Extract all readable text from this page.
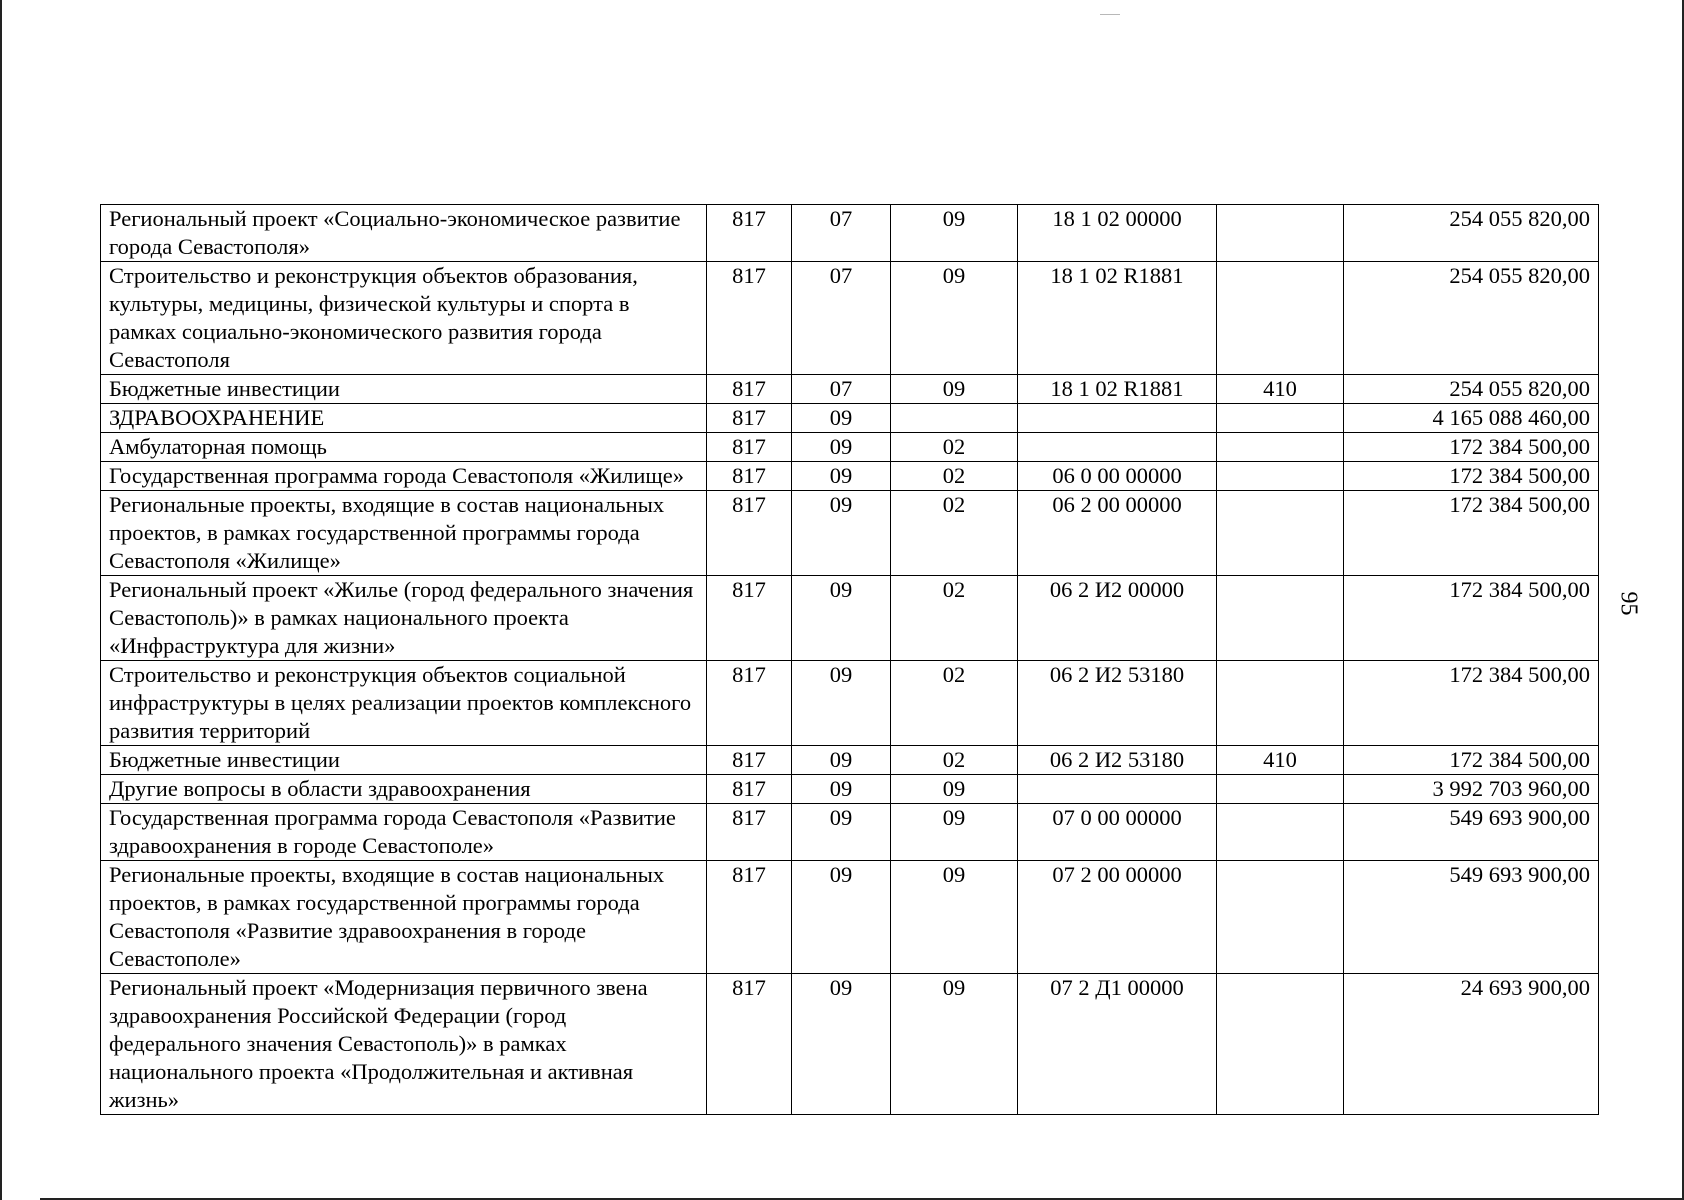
Региональный проект «Социально-экономическое развитие города Севастополя»	817	07	09	18 1 02 00000		254 055 820,00
Строительство и реконструкция объектов образования, культуры, медицины, физической культуры и спорта в рамках социально-экономического развития города Севастополя	817	07	09	18 1 02 R1881		254 055 820,00
Бюджетные инвестиции	817	07	09	18 1 02 R1881	410	254 055 820,00
ЗДРАВООХРАНЕНИЕ	817	09				4 165 088 460,00
Амбулаторная помощь	817	09	02			172 384 500,00
Государственная программа города Севастополя «Жилище»	817	09	02	06 0 00 00000		172 384 500,00
Региональные проекты, входящие в состав национальных проектов, в рамках государственной программы города Севастополя «Жилище»	817	09	02	06 2 00 00000		172 384 500,00
Региональный проект «Жилье (город федерального значения Севастополь)» в рамках национального проекта «Инфраструктура для жизни»	817	09	02	06 2 И2 00000		172 384 500,00
Строительство и реконструкция объектов социальной инфраструктуры в целях реализации проектов комплексного развития территорий	817	09	02	06 2 И2 53180		172 384 500,00
Бюджетные инвестиции	817	09	02	06 2 И2 53180	410	172 384 500,00
Другие вопросы в области здравоохранения	817	09	09			3 992 703 960,00
Государственная программа города Севастополя «Развитие здравоохранения в городе Севастополе»	817	09	09	07 0 00 00000		549 693 900,00
Региональные проекты, входящие в состав национальных проектов, в рамках государственной программы города Севастополя «Развитие здравоохранения в городе Севастополе»	817	09	09	07 2 00 00000		549 693 900,00
Региональный проект «Модернизация первичного звена здравоохранения Российской Федерации (город федерального значения Севастополь)» в рамках национального проекта «Продолжительная и активная жизнь»	817	09	09	07 2 Д1 00000		24 693 900,00
95
